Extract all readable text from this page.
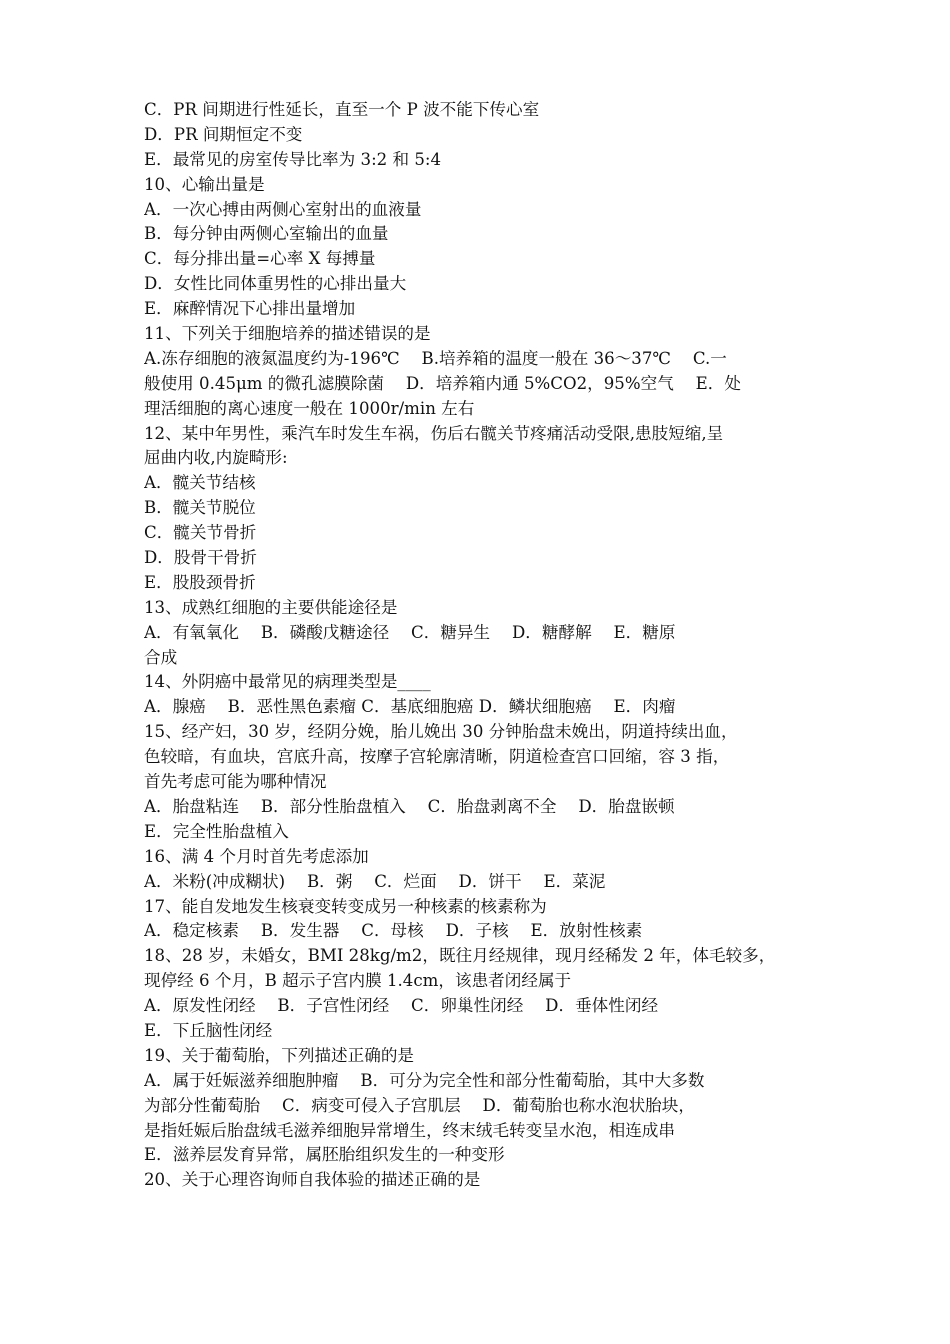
C．PR 间期进行性延长，直至一个 P 波不能下传心室
D．PR 间期恒定不变
E．最常见的房室传导比率为 3:2 和 5:4
10、心输出量是
A．一次心搏由两侧心室射出的血液量
B．每分钟由两侧心室输出的血量
C．每分排出量=心率 X 每搏量
D．女性比同体重男性的心排出量大
E．麻醉情况下心排出量增加
11、下列关于细胞培养的描述错误的是
A.冻存细胞的液氮温度约为-196℃　 B.培养箱的温度一般在 36～37℃　 C.一
般使用 0.45μm 的微孔滤膜除菌　 D．培养箱内通 5%CO2，95%空气　 E．处
理活细胞的离心速度一般在 1000r/min 左右
12、某中年男性，乘汽车时发生车祸，伤后右髋关节疼痛活动受限,患肢短缩,呈
屈曲内收,内旋畸形:
A．髋关节结核
B．髋关节脱位
C．髋关节骨折
D．股骨干骨折
E．股股颈骨折
13、成熟红细胞的主要供能途径是
A．有氧氧化　 B．磷酸戊糖途径　 C．糖异生　 D．糖酵解　 E．糖原
合成
14、外阴癌中最常见的病理类型是____
A．腺癌　 B．恶性黑色素瘤 C．基底细胞癌 D．鳞状细胞癌　 E．肉瘤
15、经产妇，30 岁，经阴分娩，胎儿娩出 30 分钟胎盘未娩出，阴道持续出血，
色较暗，有血块，宫底升高，按摩子宫轮廓清晰，阴道检查宫口回缩，容 3 指，
首先考虑可能为哪种情况
A．胎盘粘连　 B．部分性胎盘植入　 C．胎盘剥离不全　 D．胎盘嵌顿
E．完全性胎盘植入
16、满 4 个月时首先考虑添加
A．米粉(冲成糊状)　 B．粥　 C．烂面　 D．饼干　 E．菜泥
17、能自发地发生核衰变转变成另一种核素的核素称为
A．稳定核素　 B．发生器　 C．母核　 D．子核　 E．放射性核素
18、28 岁，未婚女，BMI 28kg/m2，既往月经规律，现月经稀发 2 年，体毛较多，
现停经 6 个月，B 超示子宫内膜 1.4cm，该患者闭经属于
A．原发性闭经　 B．子宫性闭经　 C．卵巢性闭经　 D．垂体性闭经
E．下丘脑性闭经
19、关于葡萄胎，下列描述正确的是
A．属于妊娠滋养细胞肿瘤　 B．可分为完全性和部分性葡萄胎，其中大多数
为部分性葡萄胎　 C．病变可侵入子宫肌层　 D．葡萄胎也称水泡状胎块，
是指妊娠后胎盘绒毛滋养细胞异常增生，终末绒毛转变呈水泡，相连成串
E．滋养层发育异常，属胚胎组织发生的一种变形
20、关于心理咨询师自我体验的描述正确的是
